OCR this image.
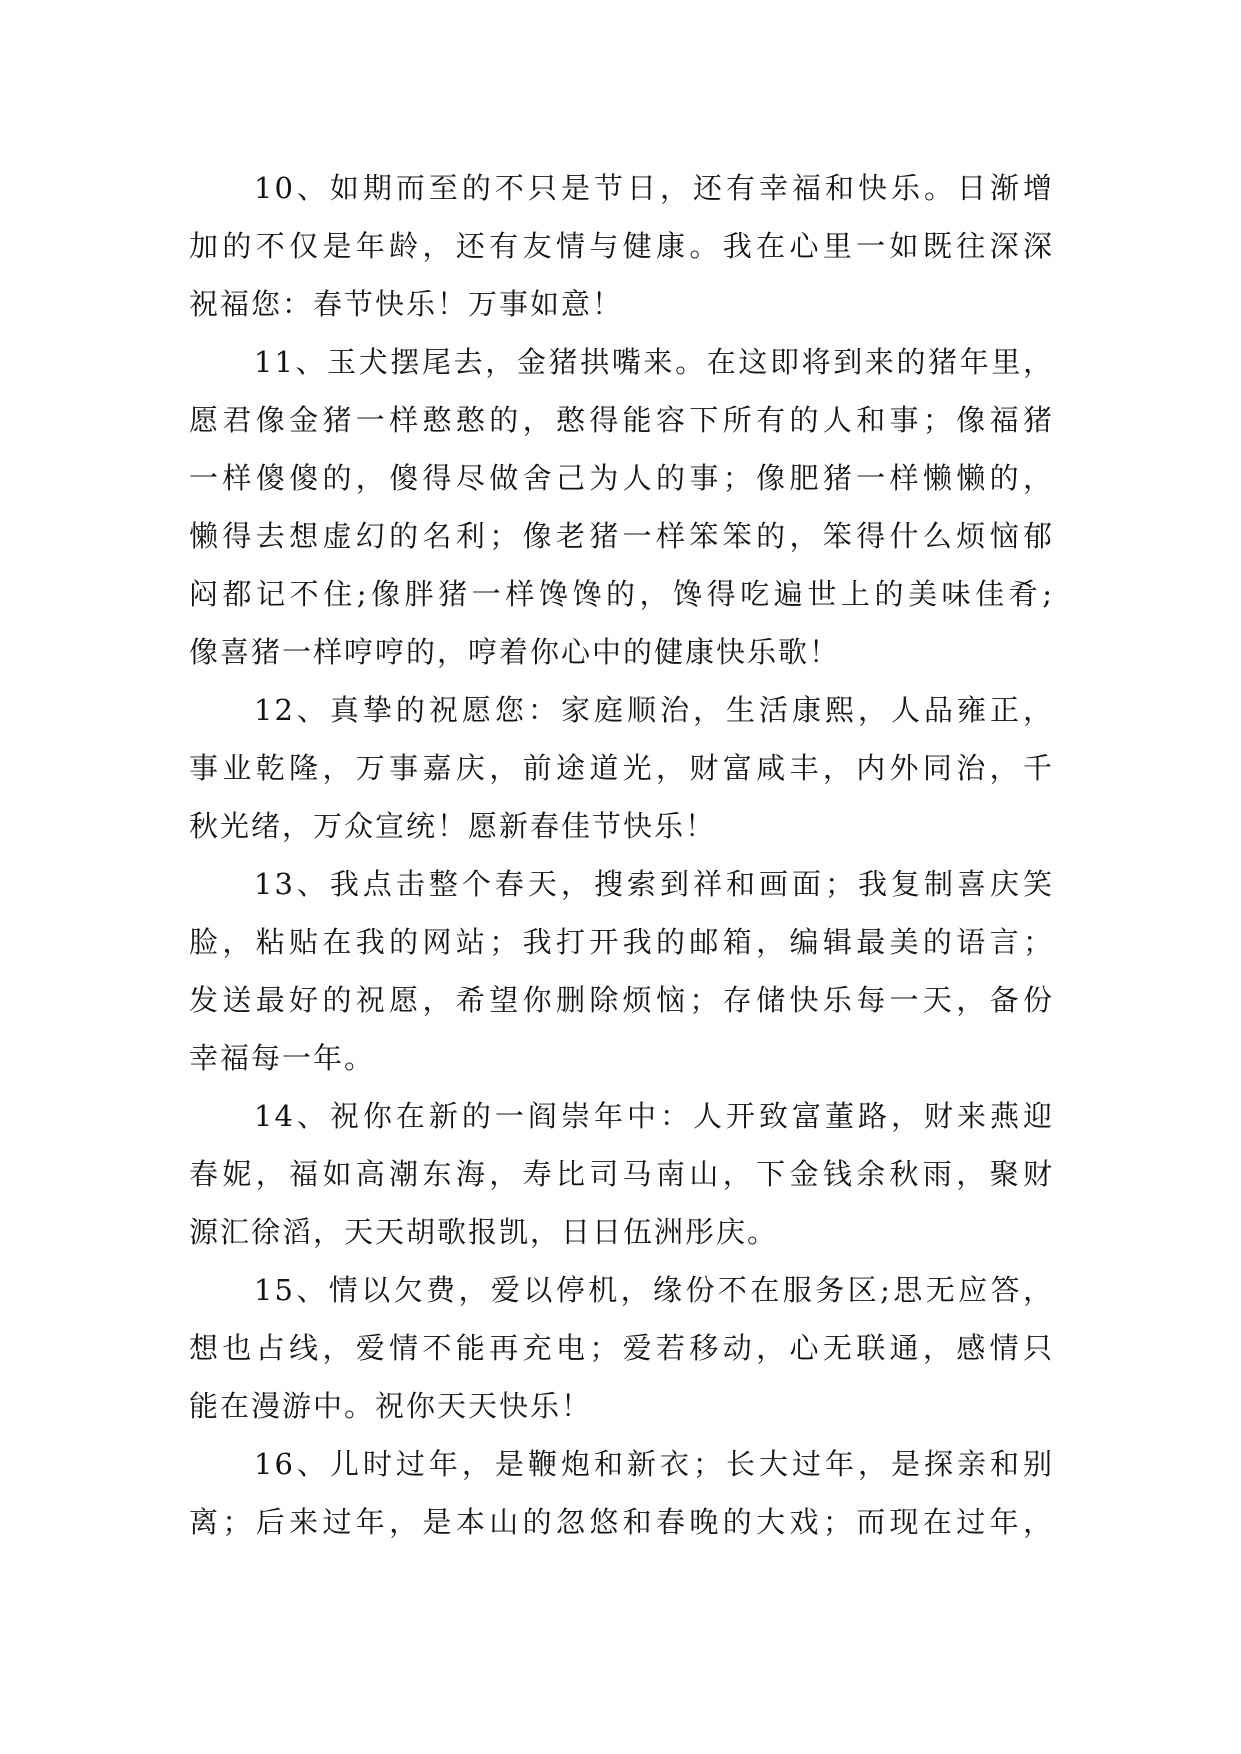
10、如期而至的不只是节日，还有幸福和快乐。日渐增
加的不仅是年龄，还有友情与健康。我在心里一如既往深深
祝福您：春节快乐！万事如意！
11、玉犬摆尾去，金猪拱嘴来。在这即将到来的猪年里，
愿君像金猪一样憨憨的，憨得能容下所有的人和事；像福猪
一样傻傻的，傻得尽做舍己为人的事；像肥猪一样懒懒的，
懒得去想虚幻的名利；像老猪一样笨笨的，笨得什么烦恼郁
闷都记不住;像胖猪一样馋馋的，馋得吃遍世上的美味佳肴;
像喜猪一样哼哼的，哼着你心中的健康快乐歌！
12、真挚的祝愿您：家庭顺治，生活康熙，人品雍正，
事业乾隆，万事嘉庆，前途道光，财富咸丰，内外同治，千
秋光绪，万众宣统！愿新春佳节快乐！
13、我点击整个春天，搜索到祥和画面；我复制喜庆笑
脸，粘贴在我的网站；我打开我的邮箱，编辑最美的语言；
发送最好的祝愿，希望你删除烦恼；存储快乐每一天，备份
幸福每一年。
14、祝你在新的一阎崇年中：人开致富董路，财来燕迎
春妮，福如高潮东海，寿比司马南山，下金钱余秋雨，聚财
源汇徐滔，天天胡歌报凯，日日伍洲彤庆。
15、情以欠费，爱以停机，缘份不在服务区;思无应答，
想也占线，爱情不能再充电；爱若移动，心无联通，感情只
能在漫游中。祝你天天快乐！
16、儿时过年，是鞭炮和新衣；长大过年，是探亲和别
离；后来过年，是本山的忽悠和春晚的大戏；而现在过年，
